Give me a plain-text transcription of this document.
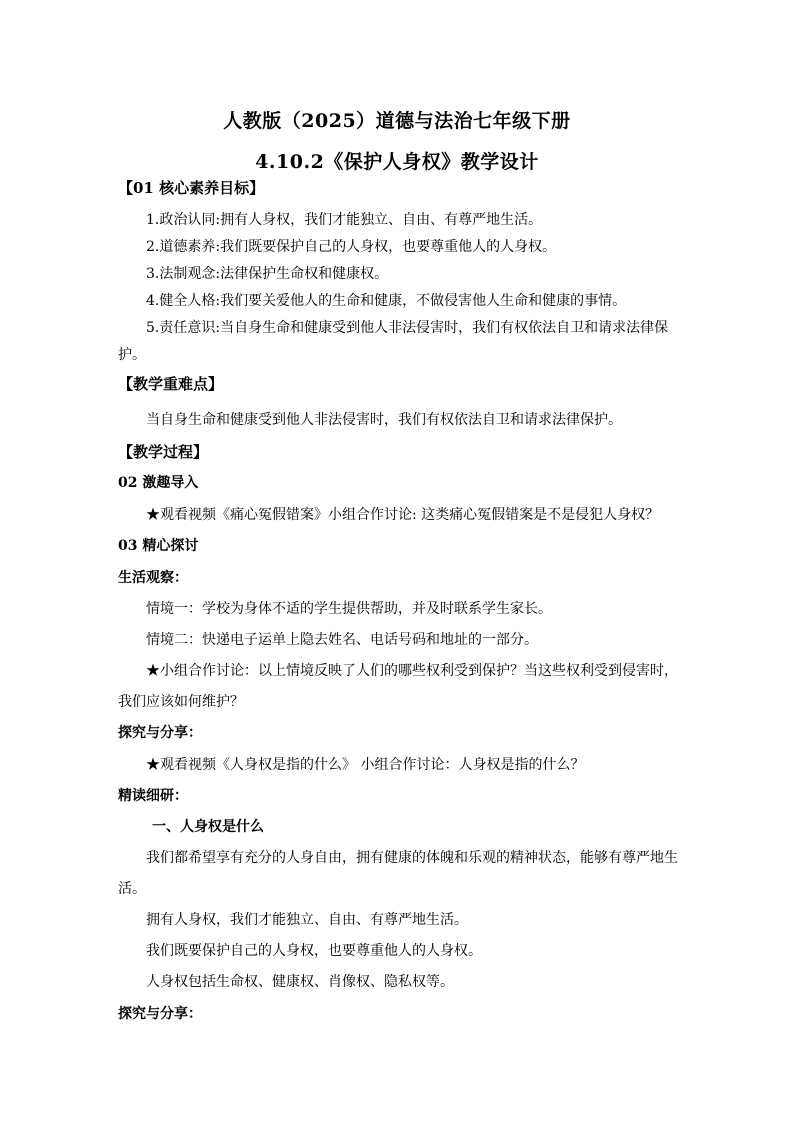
人教版（2025）道德与法治七年级下册
4.10.2《保护人身权》教学设计
【01 核心素养目标】
1.政治认同:拥有人身权，我们才能独立、自由、有尊严地生活。
2.道德素养:我们既要保护自己的人身权，也要尊重他人的人身权。
3.法制观念:法律保护生命权和健康权。
4.健全人格:我们要关爱他人的生命和健康，不做侵害他人生命和健康的事情。
5.责任意识:当自身生命和健康受到他人非法侵害时，我们有权依法自卫和请求法律保
护。
【教学重难点】
当自身生命和健康受到他人非法侵害时，我们有权依法自卫和请求法律保护。
【教学过程】
02 激趣导入
★观看视频《痛心冤假错案》小组合作讨论: 这类痛心冤假错案是不是侵犯人身权？
03 精心探讨
生活观察：
情境一：学校为身体不适的学生提供帮助，并及时联系学生家长。
情境二：快递电子运单上隐去姓名、电话号码和地址的一部分。
★小组合作讨论：以上情境反映了人们的哪些权利受到保护？当这些权利受到侵害时，
我们应该如何维护？
探究与分享：
★观看视频《人身权是指的什么》 小组合作讨论：人身权是指的什么？
精读细研：
一、人身权是什么
我们都希望享有充分的人身自由，拥有健康的体魄和乐观的精神状态，能够有尊严地生
活。
拥有人身权，我们才能独立、自由、有尊严地生活。
我们既要保护自己的人身权，也要尊重他人的人身权。
人身权包括生命权、健康权、肖像权、隐私权等。
探究与分享：
